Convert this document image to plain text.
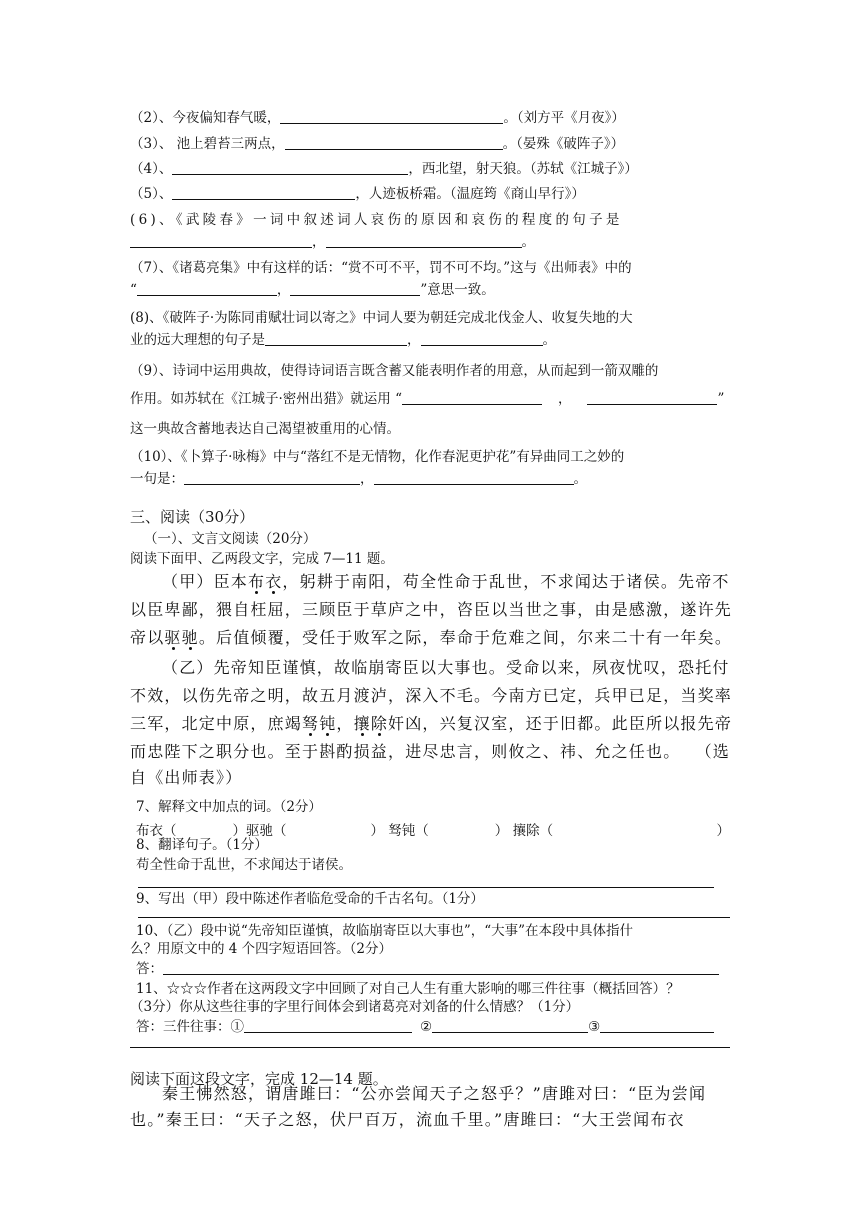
（2）、今夜偏知春气暖，	。（刘方平《月夜》）
（3）、 池上碧苔三两点，	。（晏殊《破阵子》）
（4）、	，西北望，射天狼。（苏轼《江城子》）
（5）、	，人迹板桥霜。（温庭筠《商山早行》）
(6)、《武陵春》一词中叙述词人哀伤的原因和哀伤的程度的句子是
，	。
（7）、《诸葛亮集》中有这样的话：“赏不可不平，罚不可不均。”这与《出师表》中的
“	，	”意思一致。
(8)、《破阵子·为陈同甫赋壮词以寄之》中词人要为朝廷完成北伐金人、收复失地的大
业的远大理想的句子是	，	。
（9）、诗词中运用典故，使得诗词语言既含蓄又能表明作者的用意，从而起到一箭双雕的
作用。如苏轼在《江城子·密州出猎》就运用 “	，	”
这一典故含蓄地表达自己渴望被重用的心情。
（10）、《卜算子·咏梅》中与“落红不是无情物，化作春泥更护花”有异曲同工之妙的
一句是：	，	。
三、阅读（30分）
（一）、文言文阅读（20分）
阅读下面甲、乙两段文字，完成 7—11 题。
（甲）臣本布衣，躬耕于南阳，苟全性命于乱世，不求闻达于诸侯。先帝不
以臣卑鄙，猥自枉屈，三顾臣于草庐之中，咨臣以当世之事，由是感激，遂许先
帝以驱驰。后值倾覆，受任于败军之际，奉命于危难之间，尔来二十有一年矣。
（乙）先帝知臣谨慎，故临崩寄臣以大事也。受命以来，夙夜忧叹，恐托付
不效，以伤先帝之明，故五月渡泸，深入不毛。今南方已定，兵甲已足，当奖率
三军，北定中原，庶竭驽钝，攘除奸凶，兴复汉室，还于旧都。此臣所以报先帝
而忠陛下之职分也。至于斟酌损益，进尽忠言，则攸之、祎、允之任也。 （选
自《出师表》）
7、解释文中加点的词。（2分）
布衣（	）驱驰（	） 驽钝（	） 攘除（	）
8、翻译句子。（1分）
苟全性命于乱世，不求闻达于诸侯。
9、写出（甲）段中陈述作者临危受命的千古名句。（1分）
10、（乙）段中说“先帝知臣谨慎，故临崩寄臣以大事也”，“大事”在本段中具体指什
么？用原文中的 4 个四字短语回答。（2分）
答：
11、☆☆☆作者在这两段文字中回顾了对自己人生有重大影响的哪三件往事（概括回答）？
（3分）你从这些往事的字里行间体会到诸葛亮对刘备的什么情感？（1分）
答：三件往事：①	②	③
阅读下面这段文字，完成 12—14 题。
秦王怫然怒，谓唐雎曰：“公亦尝闻天子之怒乎？”唐雎对曰：“臣为尝闻
也。”秦王曰：“天子之怒，伏尸百万，流血千里。”唐雎曰：“大王尝闻布衣
